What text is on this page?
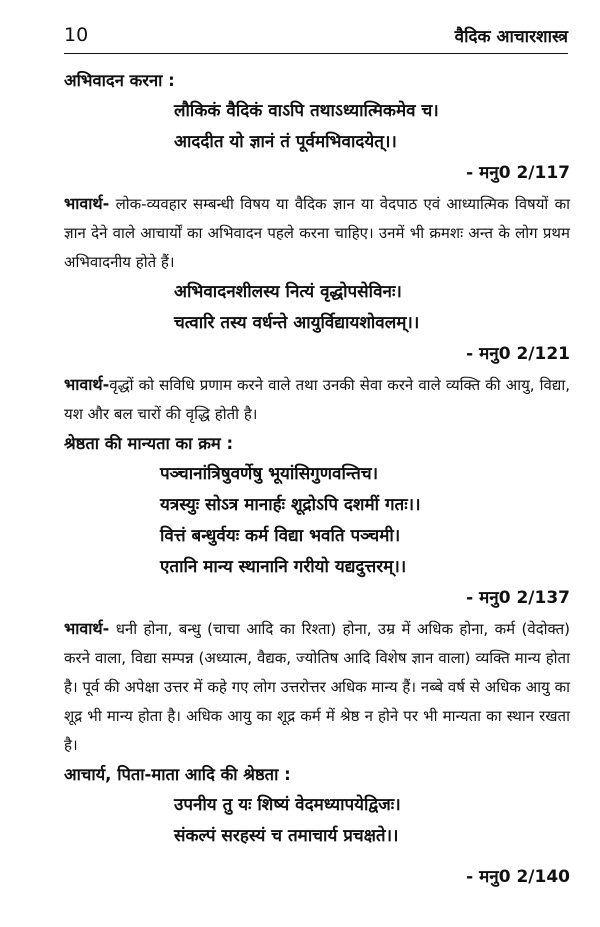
10	वैदिक आचारशास्त्र
अभिवादन करना :
लौकिकं वैदिकं वाऽपि तथाऽध्यात्मिकमेव च।
आददीत यो ज्ञानं तं पूर्वमभिवादयेत्।।
- मनु0 2/117
भावार्थ- लोक-व्यवहार सम्बन्धी विषय या वैदिक ज्ञान या वेदपाठ एवं आध्यात्मिक विषयों का ज्ञान देने वाले आचार्यों का अभिवादन पहले करना चाहिए। उनमें भी क्रमशः अन्त के लोग प्रथम अभिवादनीय होते हैं।
अभिवादनशीलस्य नित्यं वृद्धोपसेविनः।
चत्वारि तस्य वर्धन्ते आयुर्विद्यायशोवलम्।।
- मनु0 2/121
भावार्थ-वृद्धों को सविधि प्रणाम करने वाले तथा उनकी सेवा करने वाले व्यक्ति की आयु, विद्या, यश और बल चारों की वृद्धि होती है।
श्रेष्ठता की मान्यता का क्रम :
पञ्चानांत्रिषुवर्णेषु भूयांसिगुणवन्तिच।
यत्रस्युः सोऽत्र मानार्हः शूद्रोऽपि दशमीं गतः।।
वित्तं बन्धुर्वयः कर्म विद्या भवति पञ्चमी।
एतानि मान्य स्थानानि गरीयो यद्यदुत्तरम्।।
- मनु0 2/137
भावार्थ- धनी होना, बन्धु (चाचा आदि का रिश्ता) होना, उम्र में अधिक होना, कर्म (वेदोक्त) करने वाला, विद्या सम्पन्न (अध्यात्म, वैद्यक, ज्योतिष आदि विशेष ज्ञान वाला) व्यक्ति मान्य होता है। पूर्व की अपेक्षा उत्तर में कहे गए लोग उत्तरोत्तर अधिक मान्य हैं। नब्बे वर्ष से अधिक आयु का शूद्र भी मान्य होता है। अधिक आयु का शूद्र कर्म में श्रेष्ठ न होने पर भी मान्यता का स्थान रखता है।
आचार्य, पिता-माता आदि की श्रेष्ठता :
उपनीय तु यः शिष्यं वेदमध्यापयेद्विजः।
संकल्पं सरहस्यं च तमाचार्य प्रचक्षते।।
- मनु0 2/140
